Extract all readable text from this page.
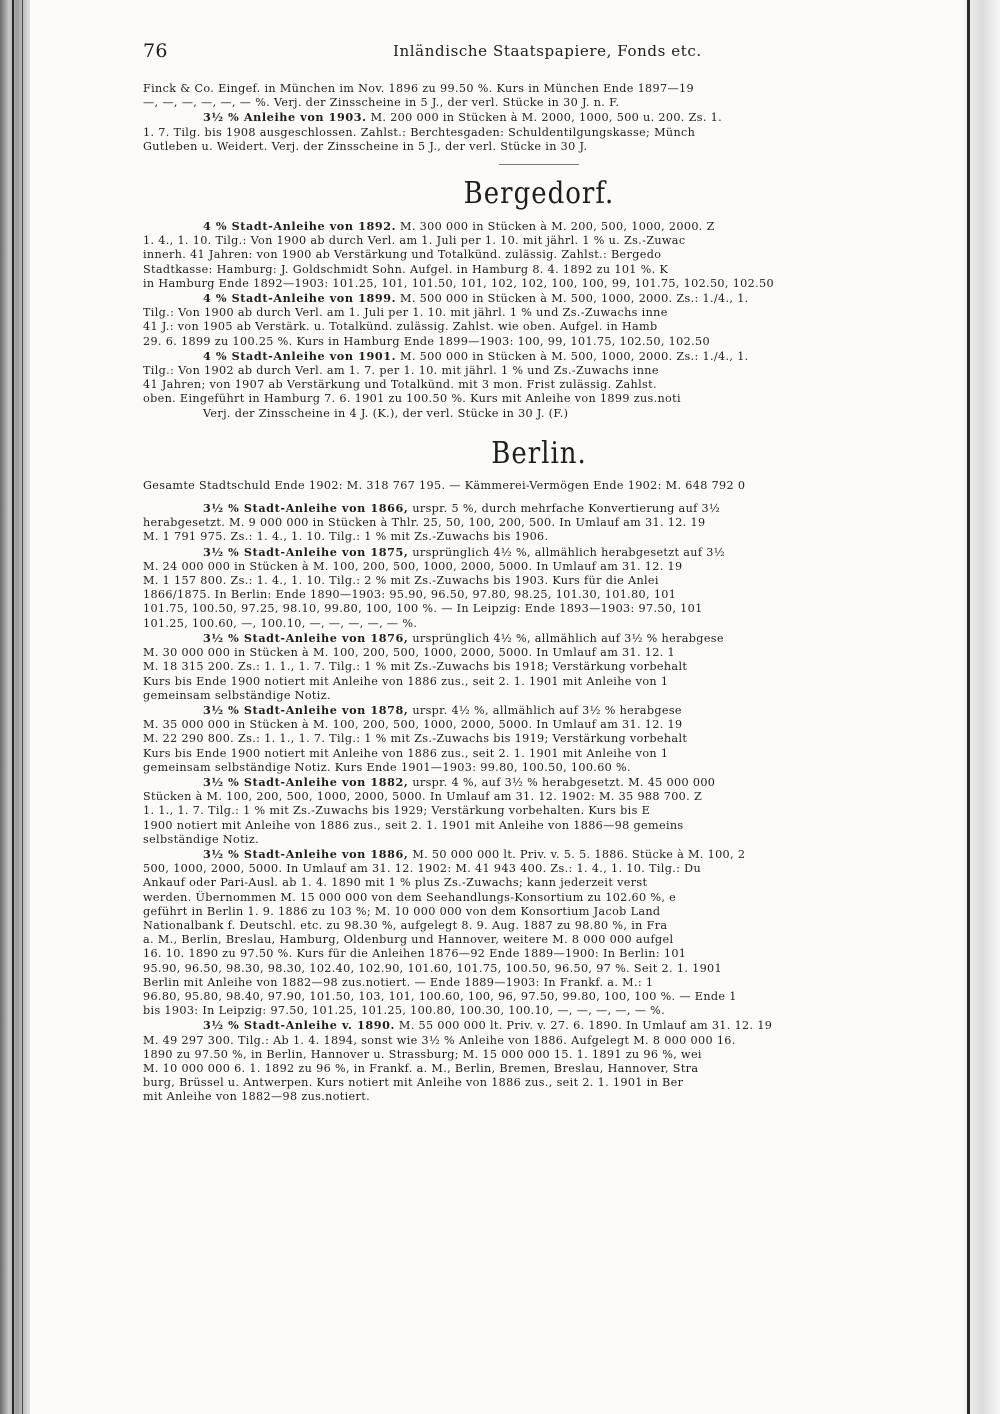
76	Inländische Staatspapiere, Fonds etc.

Finck & Co. Eingef. in München im Nov. 1896 zu 99.50 %. Kurs in München Ende 1897—19

—, —, —, —, —, — %. Verj. der Zinsscheine in 5 J., der verl. Stücke in 30 J. n. F.

3½ % Anleihe von 1903. M. 200 000 in Stücken à M. 2000, 1000, 500 u. 200. Zs. 1.

1. 7. Tilg. bis 1908 ausgeschlossen. Zahlst.: Berchtesgaden: Schuldentilgungskasse; Münch

Gutleben u. Weidert. Verj. der Zinsscheine in 5 J., der verl. Stücke in 30 J.

Bergedorf.

4 % Stadt-Anleihe von 1892. M. 300 000 in Stücken à M. 200, 500, 1000, 2000. Z

1. 4., 1. 10. Tilg.: Von 1900 ab durch Verl. am 1. Juli per 1. 10. mit jährl. 1 % u. Zs.-Zuwac

innerh. 41 Jahren: von 1900 ab Verstärkung und Totalkünd. zulässig. Zahlst.: Bergedo

Stadtkasse: Hamburg: J. Goldschmidt Sohn. Aufgel. in Hamburg 8. 4. 1892 zu 101 %. K

in Hamburg Ende 1892—1903: 101.25, 101, 101.50, 101, 102, 102, 100, 100, 99, 101.75, 102.50, 102.50

4 % Stadt-Anleihe von 1899. M. 500 000 in Stücken à M. 500, 1000, 2000. Zs.: 1./4., 1.

Tilg.: Von 1900 ab durch Verl. am 1. Juli per 1. 10. mit jährl. 1 % und Zs.-Zuwachs inne

41 J.: von 1905 ab Verstärk. u. Totalkünd. zulässig. Zahlst. wie oben. Aufgel. in Hamb

29. 6. 1899 zu 100.25 %. Kurs in Hamburg Ende 1899—1903: 100, 99, 101.75, 102.50, 102.50

4 % Stadt-Anleihe von 1901. M. 500 000 in Stücken à M. 500, 1000, 2000. Zs.: 1./4., 1.

Tilg.: Von 1902 ab durch Verl. am 1. 7. per 1. 10. mit jährl. 1 % und Zs.-Zuwachs inne

41 Jahren; von 1907 ab Verstärkung und Totalkünd. mit 3 mon. Frist zulässig. Zahlst.

oben. Eingeführt in Hamburg 7. 6. 1901 zu 100.50 %. Kurs mit Anleihe von 1899 zus.noti

Verj. der Zinsscheine in 4 J. (K.), der verl. Stücke in 30 J. (F.)

Berlin.

Gesamte Stadtschuld Ende 1902: M. 318 767 195. — Kämmerei-Vermögen Ende 1902: M. 648 792 0

3½ % Stadt-Anleihe von 1866, urspr. 5 %, durch mehrfache Konvertierung auf 3½

herabgesetzt. M. 9 000 000 in Stücken à Thlr. 25, 50, 100, 200, 500. In Umlauf am 31. 12. 19

M. 1 791 975. Zs.: 1. 4., 1. 10. Tilg.: 1 % mit Zs.-Zuwachs bis 1906.

3½ % Stadt-Anleihe von 1875, ursprünglich 4½ %, allmählich herabgesetzt auf 3½

M. 24 000 000 in Stücken à M. 100, 200, 500, 1000, 2000, 5000. In Umlauf am 31. 12. 19

M. 1 157 800. Zs.: 1. 4., 1. 10. Tilg.: 2 % mit Zs.-Zuwachs bis 1903. Kurs für die Anlei

1866/1875. In Berlin: Ende 1890—1903: 95.90, 96.50, 97.80, 98.25, 101.30, 101.80, 101

101.75, 100.50, 97.25, 98.10, 99.80, 100, 100 %. — In Leipzig: Ende 1893—1903: 97.50, 101

101.25, 100.60, —, 100.10, —, —, —, —, — %.

3½ % Stadt-Anleihe von 1876, ursprünglich 4½ %, allmählich auf 3½ % herabgese

M. 30 000 000 in Stücken à M. 100, 200, 500, 1000, 2000, 5000. In Umlauf am 31. 12. 1

M. 18 315 200. Zs.: 1. 1., 1. 7. Tilg.: 1 % mit Zs.-Zuwachs bis 1918; Verstärkung vorbehalt

Kurs bis Ende 1900 notiert mit Anleihe von 1886 zus., seit 2. 1. 1901 mit Anleihe von 1

gemeinsam selbständige Notiz.

3½ % Stadt-Anleihe von 1878, urspr. 4½ %, allmählich auf 3½ % herabgese

M. 35 000 000 in Stücken à M. 100, 200, 500, 1000, 2000, 5000. In Umlauf am 31. 12. 19

M. 22 290 800. Zs.: 1. 1., 1. 7. Tilg.: 1 % mit Zs.-Zuwachs bis 1919; Verstärkung vorbehalt

Kurs bis Ende 1900 notiert mit Anleihe von 1886 zus., seit 2. 1. 1901 mit Anleihe von 1

gemeinsam selbständige Notiz. Kurs Ende 1901—1903: 99.80, 100.50, 100.60 %.

3½ % Stadt-Anleihe von 1882, urspr. 4 %, auf 3½ % herabgesetzt. M. 45 000 000

Stücken à M. 100, 200, 500, 1000, 2000, 5000. In Umlauf am 31. 12. 1902: M. 35 988 700. Z

1. 1., 1. 7. Tilg.: 1 % mit Zs.-Zuwachs bis 1929; Verstärkung vorbehalten. Kurs bis E

1900 notiert mit Anleihe von 1886 zus., seit 2. 1. 1901 mit Anleihe von 1886—98 gemeins

selbständige Notiz.

3½ % Stadt-Anleihe von 1886, M. 50 000 000 lt. Priv. v. 5. 5. 1886. Stücke à M. 100, 2

500, 1000, 2000, 5000. In Umlauf am 31. 12. 1902: M. 41 943 400. Zs.: 1. 4., 1. 10. Tilg.: Du

Ankauf oder Pari-Ausl. ab 1. 4. 1890 mit 1 % plus Zs.-Zuwachs; kann jederzeit verst

werden. Übernommen M. 15 000 000 von dem Seehandlungs-Konsortium zu 102.60 %, e

geführt in Berlin 1. 9. 1886 zu 103 %; M. 10 000 000 von dem Konsortium Jacob Land

Nationalbank f. Deutschl. etc. zu 98.30 %, aufgelegt 8. 9. Aug. 1887 zu 98.80 %, in Fra

a. M., Berlin, Breslau, Hamburg, Oldenburg und Hannover, weitere M. 8 000 000 aufgel

16. 10. 1890 zu 97.50 %. Kurs für die Anleihen 1876—92 Ende 1889—1900: In Berlin: 101

95.90, 96.50, 98.30, 98.30, 102.40, 102.90, 101.60, 101.75, 100.50, 96.50, 97 %. Seit 2. 1. 1901

Berlin mit Anleihe von 1882—98 zus.notiert. — Ende 1889—1903: In Frankf. a. M.: 1

96.80, 95.80, 98.40, 97.90, 101.50, 103, 101, 100.60, 100, 96, 97.50, 99.80, 100, 100 %. — Ende 1

bis 1903: In Leipzig: 97.50, 101.25, 101.25, 100.80, 100.30, 100.10, —, —, —, —, — %.

3½ % Stadt-Anleihe v. 1890. M. 55 000 000 lt. Priv. v. 27. 6. 1890. In Umlauf am 31. 12. 19

M. 49 297 300. Tilg.: Ab 1. 4. 1894, sonst wie 3½ % Anleihe von 1886. Aufgelegt M. 8 000 000 16.

1890 zu 97.50 %, in Berlin, Hannover u. Strassburg; M. 15 000 000 15. 1. 1891 zu 96 %, wei

M. 10 000 000 6. 1. 1892 zu 96 %, in Frankf. a. M., Berlin, Bremen, Breslau, Hannover, Stra

burg, Brüssel u. Antwerpen. Kurs notiert mit Anleihe von 1886 zus., seit 2. 1. 1901 in Ber

mit Anleihe von 1882—98 zus.notiert.
